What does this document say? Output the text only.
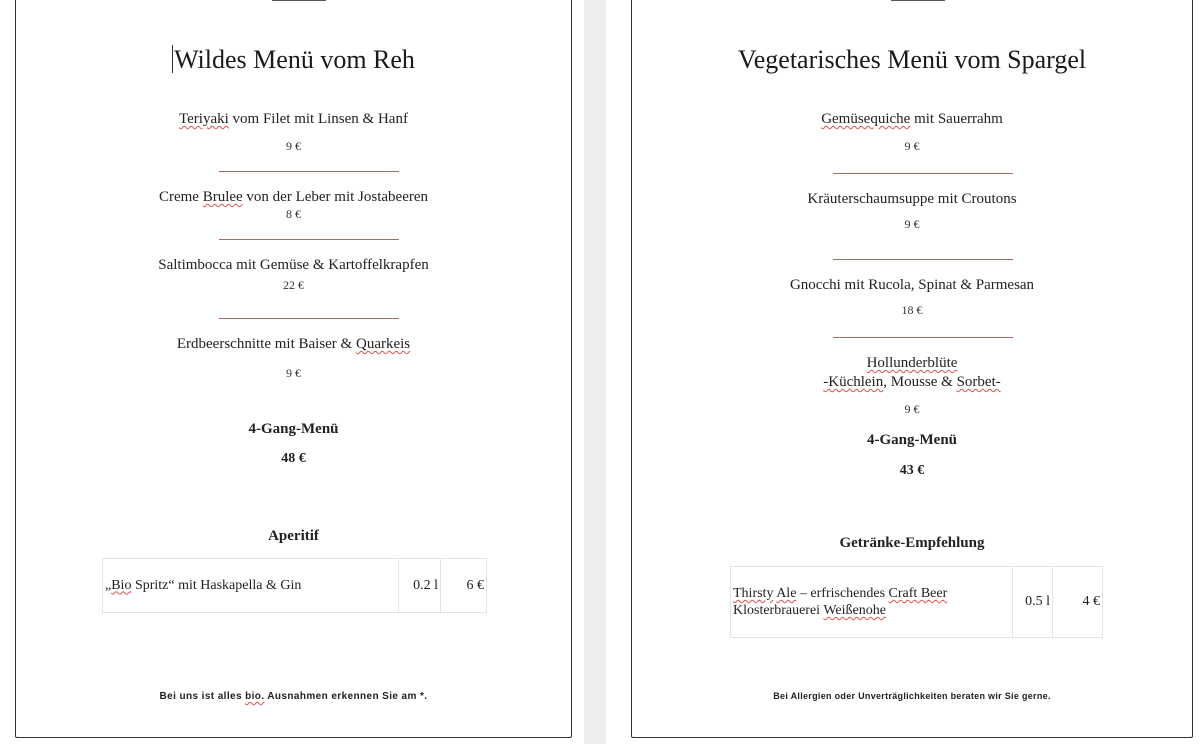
Wildes Menü vom Reh
Teriyaki vom Filet mit Linsen & Hanf
9 €
Creme Brulee von der Leber mit Jostabeeren
8 €
Saltimbocca mit Gemüse & Kartoffelkrapfen
22 €
Erdbeerschnitte mit Baiser & Quarkeis
9 €
4-Gang-Menü
48 €
Aperitif
„Bio Spritz“ mit Haskapella & Gin	0.2 l	6 €
Bei uns ist alles bio. Ausnahmen erkennen Sie am *.
Vegetarisches Menü vom Spargel
Gemüsequiche mit Sauerrahm
9 €
Kräuterschaumsuppe mit Croutons
9 €
Gnocchi mit Rucola, Spinat & Parmesan
18 €
Hollunderblüte
-Küchlein, Mousse & Sorbet-
9 €
4-Gang-Menü
43 €
Getränke-Empfehlung
Thirsty Ale – erfrischendes Craft Beer
Klosterbrauerei Weißenohe	0.5 l	4 €
Bei Allergien oder Unverträglichkeiten beraten wir Sie gerne.
